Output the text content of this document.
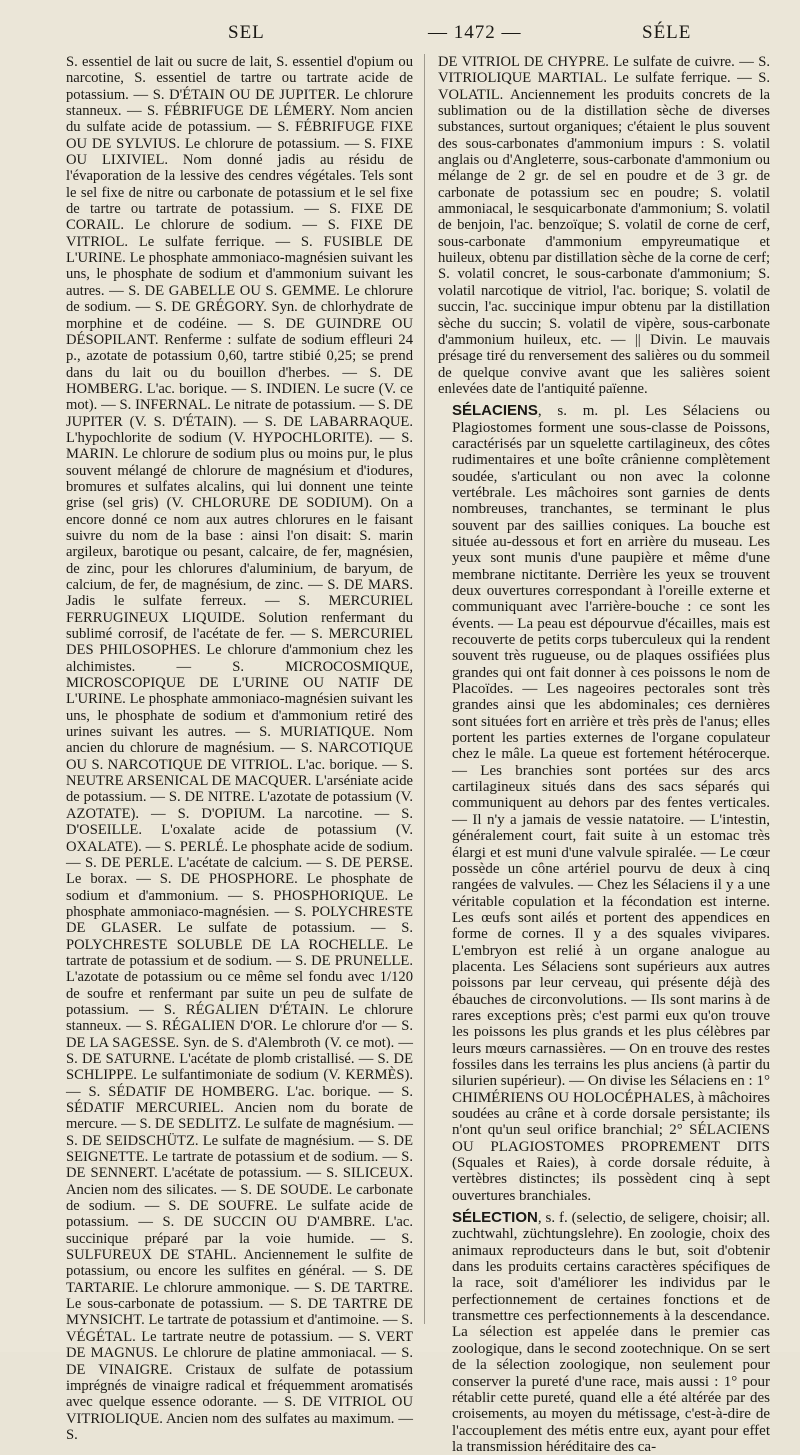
SEL	— 1472 —	SÉLE

S. essentiel de lait ou sucre de lait, S. essentiel d'opium ou narcotine, S. essentiel de tartre ou tartrate acide de potassium. — S. D'ÉTAIN OU DE JUPITER. Le chlorure stanneux. — S. FÉBRIFUGE DE LÉMERY. Nom ancien du sulfate acide de potassium. — S. FÉBRIFUGE FIXE OU DE SYLVIUS. Le chlorure de potassium. — S. FIXE OU LIXIVIEL. Nom donné jadis au résidu de l'évaporation de la lessive des cendres végétales. Tels sont le sel fixe de nitre ou carbonate de potassium et le sel fixe de tartre ou tartrate de potassium. — S. FIXE DE CORAIL. Le chlorure de sodium. — S. FIXE DE VITRIOL. Le sulfate ferrique. — S. FUSIBLE DE L'URINE. Le phosphate ammoniaco-magnésien suivant les uns, le phosphate de sodium et d'ammonium suivant les autres. — S. DE GABELLE OU S. GEMME. Le chlorure de sodium. — S. DE GRÉGORY. Syn. de chlorhydrate de morphine et de codéine. — S. DE GUINDRE OU DÉSOPILANT. Renferme : sulfate de sodium effleuri 24 p., azotate de potassium 0,60, tartre stibié 0,25; se prend dans du lait ou du bouillon d'herbes. — S. DE HOMBERG. L'ac. borique. — S. INDIEN. Le sucre (V. ce mot). — S. INFERNAL. Le nitrate de potassium. — S. DE JUPITER (V. S. D'ÉTAIN). — S. DE LABARRAQUE. L'hypochlorite de sodium (V. HYPOCHLORITE). — S. MARIN. Le chlorure de sodium plus ou moins pur, le plus souvent mélangé de chlorure de magnésium et d'iodures, bromures et sulfates alcalins, qui lui donnent une teinte grise (sel gris) (V. CHLORURE DE SODIUM). On a encore donné ce nom aux autres chlorures en le faisant suivre du nom de la base : ainsi l'on disait: S. marin argileux, barotique ou pesant, calcaire, de fer, magnésien, de zinc, pour les chlorures d'aluminium, de baryum, de calcium, de fer, de magnésium, de zinc. — S. DE MARS. Jadis le sulfate ferreux. — S. MERCURIEL FERRUGINEUX LIQUIDE. Solution renfermant du sublimé corrosif, de l'acétate de fer. — S. MERCURIEL DES PHILOSOPHES. Le chlorure d'ammonium chez les alchimistes. — S. MICROCOSMIQUE, MICROSCOPIQUE DE L'URINE OU NATIF DE L'URINE. Le phosphate ammoniaco-magnésien suivant les uns, le phosphate de sodium et d'ammonium retiré des urines suivant les autres. — S. MURIATIQUE. Nom ancien du chlorure de magnésium. — S. NARCOTIQUE OU S. NARCOTIQUE DE VITRIOL. L'ac. borique. — S. NEUTRE ARSENICAL DE MACQUER. L'arséniate acide de potassium. — S. DE NITRE. L'azotate de potassium (V. AZOTATE). — S. D'OPIUM. La narcotine. — S. D'OSEILLE. L'oxalate acide de potassium (V. OXALATE). — S. PERLÉ. Le phosphate acide de sodium. — S. DE PERLE. L'acétate de calcium. — S. DE PERSE. Le borax. — S. DE PHOSPHORE. Le phosphate de sodium et d'ammonium. — S. PHOSPHORIQUE. Le phosphate ammoniaco-magnésien. — S. POLYCHRESTE DE GLASER. Le sulfate de potassium. — S. POLYCHRESTE SOLUBLE DE LA ROCHELLE. Le tartrate de potassium et de sodium. — S. DE PRUNELLE. L'azotate de potassium ou ce même sel fondu avec 1/120 de soufre et renfermant par suite un peu de sulfate de potassium. — S. RÉGALIEN D'ÉTAIN. Le chlorure stanneux. — S. RÉGALIEN D'OR. Le chlorure d'or — S. DE LA SAGESSE. Syn. de S. d'Alembroth (V. ce mot). — S. DE SATURNE. L'acétate de plomb cristallisé. — S. DE SCHLIPPE. Le sulfantimoniate de sodium (V. KERMÈS). — S. SÉDATIF DE HOMBERG. L'ac. borique. — S. SÉDATIF MERCURIEL. Ancien nom du borate de mercure. — S. DE SEDLITZ. Le sulfate de magnésium. — S. DE SEIDSCHÜTZ. Le sulfate de magnésium. — S. DE SEIGNETTE. Le tartrate de potassium et de sodium. — S. DE SENNERT. L'acétate de potassium. — S. SILICEUX. Ancien nom des silicates. — S. DE SOUDE. Le carbonate de sodium. — S. DE SOUFRE. Le sulfate acide de potassium. — S. DE SUCCIN OU D'AMBRE. L'ac. succinique préparé par la voie humide. — S. SULFUREUX DE STAHL. Anciennement le sulfite de potassium, ou encore les sulfites en général. — S. DE TARTARIE. Le chlorure ammonique. — S. DE TARTRE. Le sous-carbonate de potassium. — S. DE TARTRE DE MYNSICHT. Le tartrate de potassium et d'antimoine. — S. VÉGÉTAL. Le tartrate neutre de potassium. — S. VERT DE MAGNUS. Le chlorure de platine ammoniacal. — S. DE VINAIGRE. Cristaux de sulfate de potassium imprégnés de vinaigre radical et fréquemment aromatisés avec quelque essence odorante. — S. DE VITRIOL OU VITRIOLIQUE. Ancien nom des sulfates au maximum. — S.

DE VITRIOL DE CHYPRE. Le sulfate de cuivre. — S. VITRIOLIQUE MARTIAL. Le sulfate ferrique. — S. VOLATIL. Anciennement les produits concrets de la sublimation ou de la distillation sèche de diverses substances, surtout organiques; c'étaient le plus souvent des sous-carbonates d'ammonium impurs : S. volatil anglais ou d'Angleterre, sous-carbonate d'ammonium ou mélange de 2 gr. de sel en poudre et de 3 gr. de carbonate de potassium sec en poudre; S. volatil ammoniacal, le sesquicarbonate d'ammonium; S. volatil de benjoin, l'ac. benzoïque; S. volatil de corne de cerf, sous-carbonate d'ammonium empyreumatique et huileux, obtenu par distillation sèche de la corne de cerf; S. volatil concret, le sous-carbonate d'ammonium; S. volatil narcotique de vitriol, l'ac. borique; S. volatil de succin, l'ac. succinique impur obtenu par la distillation sèche du succin; S. volatil de vipère, sous-carbonate d'ammonium huileux, etc. — || Divin. Le mauvais présage tiré du renversement des salières ou du sommeil de quelque convive avant que les salières soient enlevées date de l'antiquité païenne.

SÉLACIENS, s. m. pl. Les Sélaciens ou Plagiostomes forment une sous-classe de Poissons, caractérisés par un squelette cartilagineux, des côtes rudimentaires et une boîte crânienne complètement soudée, s'articulant ou non avec la colonne vertébrale. Les mâchoires sont garnies de dents nombreuses, tranchantes, se terminant le plus souvent par des saillies coniques. La bouche est située au-dessous et fort en arrière du museau. Les yeux sont munis d'une paupière et même d'une membrane nictitante. Derrière les yeux se trouvent deux ouvertures correspondant à l'oreille externe et communiquant avec l'arrière-bouche : ce sont les évents. — La peau est dépourvue d'écailles, mais est recouverte de petits corps tuberculeux qui la rendent souvent très rugueuse, ou de plaques ossifiées plus grandes qui ont fait donner à ces poissons le nom de Placoïdes. — Les nageoires pectorales sont très grandes ainsi que les abdominales; ces dernières sont situées fort en arrière et très près de l'anus; elles portent les parties externes de l'organe copulateur chez le mâle. La queue est fortement hétérocerque. — Les branchies sont portées sur des arcs cartilagineux situés dans des sacs séparés qui communiquent au dehors par des fentes verticales. — Il n'y a jamais de vessie natatoire. — L'intestin, généralement court, fait suite à un estomac très élargi et est muni d'une valvule spiralée. — Le cœur possède un cône artériel pourvu de deux à cinq rangées de valvules. — Chez les Sélaciens il y a une véritable copulation et la fécondation est interne. Les œufs sont ailés et portent des appendices en forme de cornes. Il y a des squales vivipares. L'embryon est relié à un organe analogue au placenta. Les Sélaciens sont supérieurs aux autres poissons par leur cerveau, qui présente déjà des ébauches de circonvolutions. — Ils sont marins à de rares exceptions près; c'est parmi eux qu'on trouve les poissons les plus grands et les plus célèbres par leurs mœurs carnassières. — On en trouve des restes fossiles dans les terrains les plus anciens (à partir du silurien supérieur). — On divise les Sélaciens en : 1° CHIMÉRIENS OU HOLOCÉPHALES, à mâchoires soudées au crâne et à corde dorsale persistante; ils n'ont qu'un seul orifice branchial; 2° SÉLACIENS OU PLAGIOSTOMES PROPREMENT DITS (Squales et Raies), à corde dorsale réduite, à vertèbres distinctes; ils possèdent cinq à sept ouvertures branchiales.

SÉLECTION, s. f. (selectio, de seligere, choisir; all. zuchtwahl, züchtungslehre). En zoologie, choix des animaux reproducteurs dans le but, soit d'obtenir dans les produits certains caractères spécifiques de la race, soit d'améliorer les individus par le perfectionnement de certaines fonctions et de transmettre ces perfectionnements à la descendance. La sélection est appelée dans le premier cas zoologique, dans le second zootechnique. On se sert de la sélection zoologique, non seulement pour conserver la pureté d'une race, mais aussi : 1° pour rétablir cette pureté, quand elle a été altérée par des croisements, au moyen du métissage, c'est-à-dire de l'accouplement des métis entre eux, ayant pour effet la transmission héréditaire des ca-
